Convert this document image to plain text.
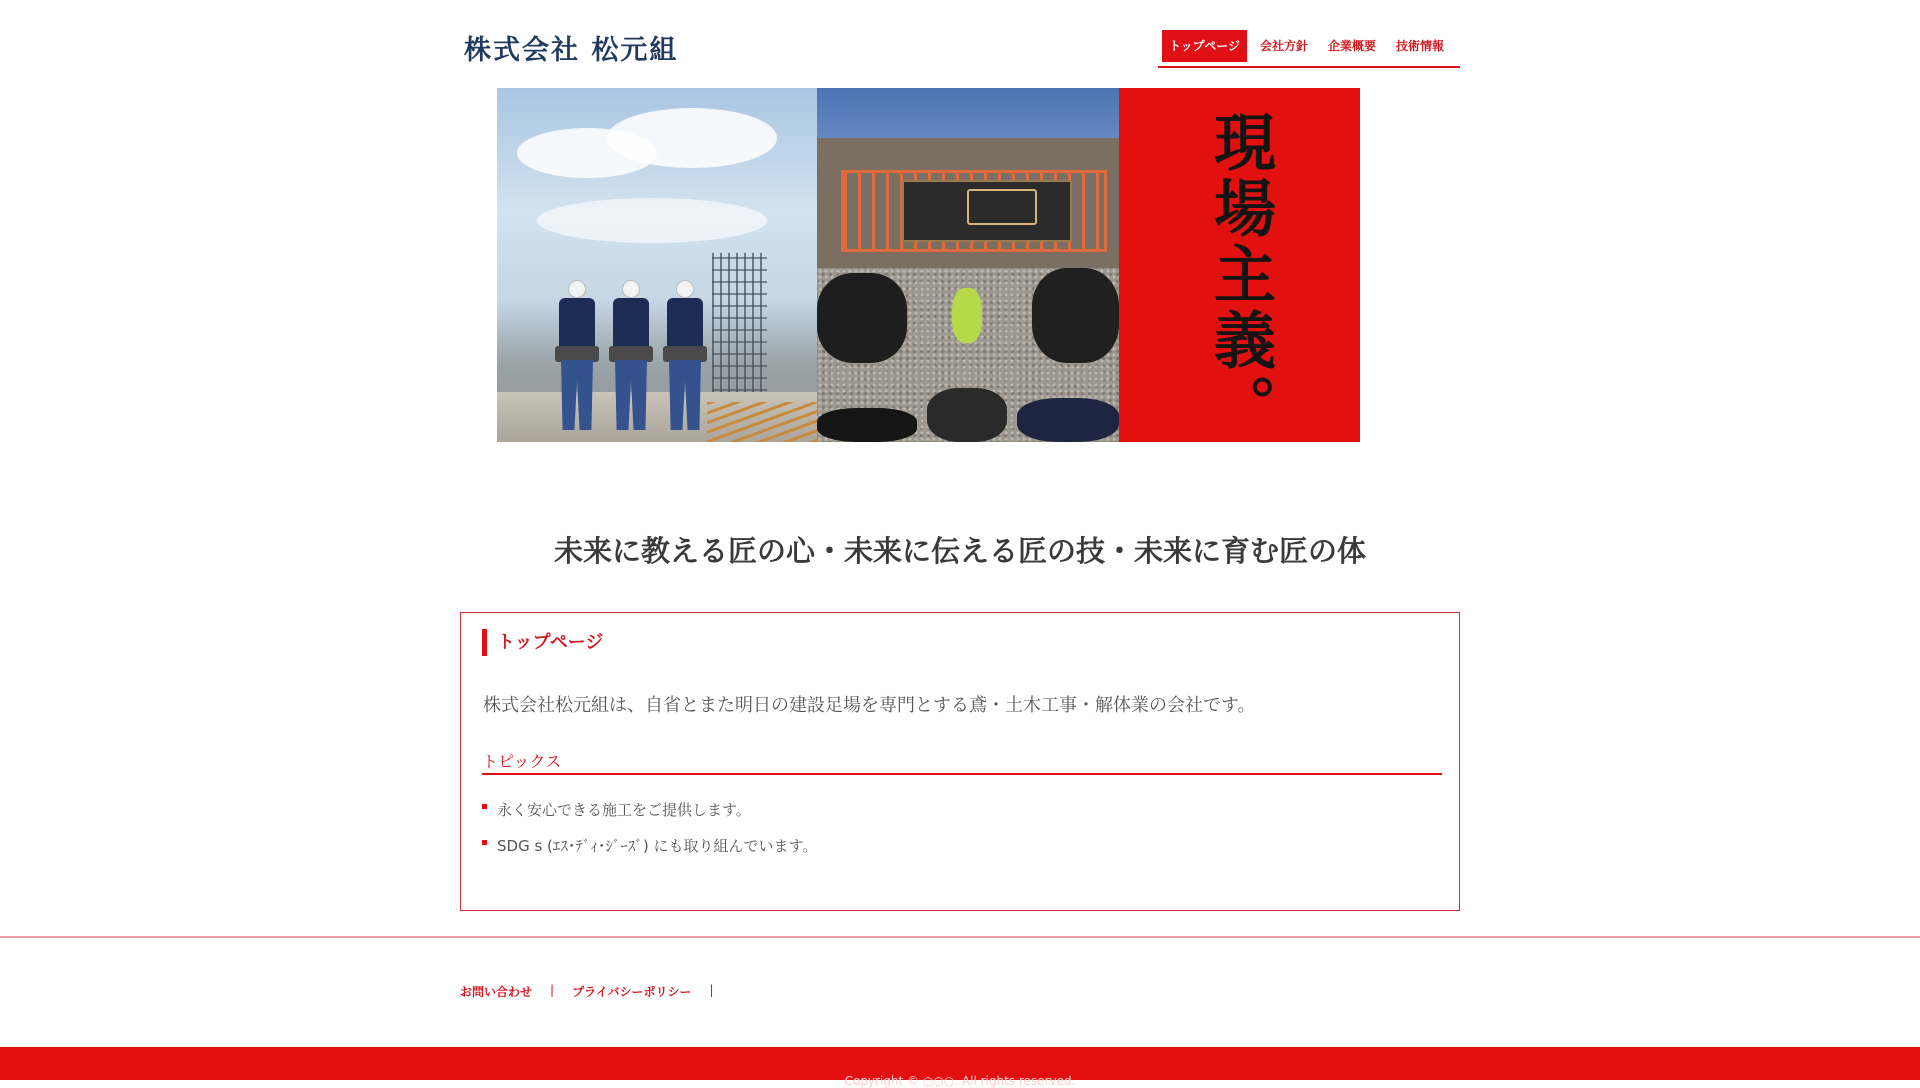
株式会社 松元組	トップページ	会社方針	企業概要	技術情報
現場主義。
未来に教える匠の心・未来に伝える匠の技・未来に育む匠の体
トップページ
株式会社松元組は、自省とまた明日の建設足場を専門とする鳶・土木工事・解体業の会社です。
トピックス
永く安心できる施工をご提供します。
SDG s (ｴｽ･ﾃﾞｨ･ｼﾞｰｽﾞ) にも取り組んでいます。
お問い合わせ	|	プライバシーポリシー	|
Copyright © ○○○. All rights reserved.
